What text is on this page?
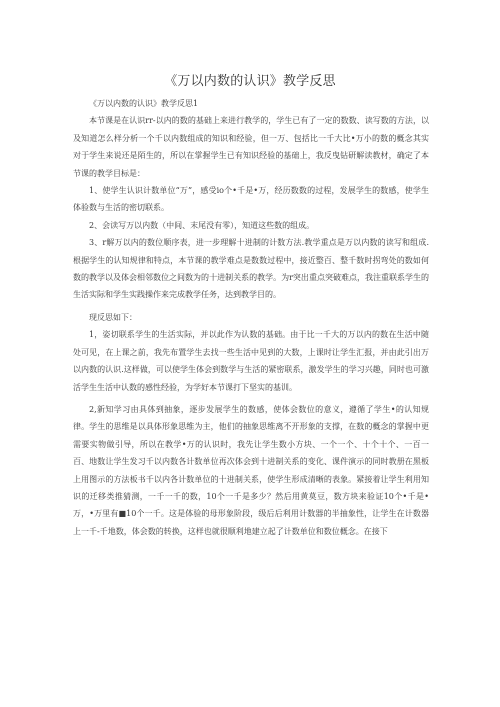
《万以内数的认识》教学反思

《万以内数的认识》教学反思1

本节课是在认识rr-以内的数的基础上来进行教学的，学生已有了一定的数数、读写数的方法，以及知道怎么样分析一个千以内数组成的知识和经验，但一万、包括比一千大比•万小的数的概念其实对于学生来说还是陌生的，所以在掌握学生已有知识经验的基础上，我反曳钻研解读教材，确定了本节课的教学目标是：

1、使学生认识计数单位“万”，感受io个•千是•万，经历数数的过程，发展学生的数感，使学生体验数与生活的密切联系。

2、会读写万以内数（中间、末尾没有零），知道这些数的组成。

3、r解万以内的数位顺序表，进一步理解十进制的计数方法.教学重点是万以内数的读写和组成.根据学生的认知规律和特点，本节课的教学难点是数数过程中，接近整百、整千数时拐弯处的数如何数的教学以及体会相邻数位之间数为的十进制关系的教学。为r突出重点突破难点，我注重联系学生的生活实际和学生实践操作来完成教学任务，达到教学目的。

现反思如下：

1，姿切联系学生的生活实际，并以此作为认数的基础。由于比一千大的万以内的数在生活中随处可见，在上课之前，我先布置学生去找一些生活中见到的大数，上课时让学生汇报，并由此引出万以内数的认识.这样做，可以使学生体会到数学与生活的紧密联系，激发学生的学习兴趣，同时也可激活学生生活中认数的感性经验，为学好本节课打下坚实的基训。

2,新知学习由具体到抽象，逐步发展学生的数感，使体会数位的意义，遵循了学生•的认知规律。学生的思维是以具体形象思维为主，他们的抽象思维离不开形象的支撑，在数的概念的掌握中更需要实物做引导，所以在教学•万的认识时，我先让学生数小方块、一个一个、十个十个、一百一百、地数让学生发习千以内数各计数单位再次体会到十进制关系的变化、课件演示的同时教册在黑板上用图示的方法板书千以内各计数单位的十进制关系，使学生形成清晰的表象。紧接着让学生利用知识的迁移类推猜测，一千一千的数，10个一千是多少？然后用黄莫豆，数方块来验证10个•千是•万，•万里有■10个一千。这是体验的母形象阶段，级后后利用计数器的半抽象性，让学生在计数器上一千-千地数，体会数的转换，这样也就很顺利地建立起了计数单位和数位概念。在接下
